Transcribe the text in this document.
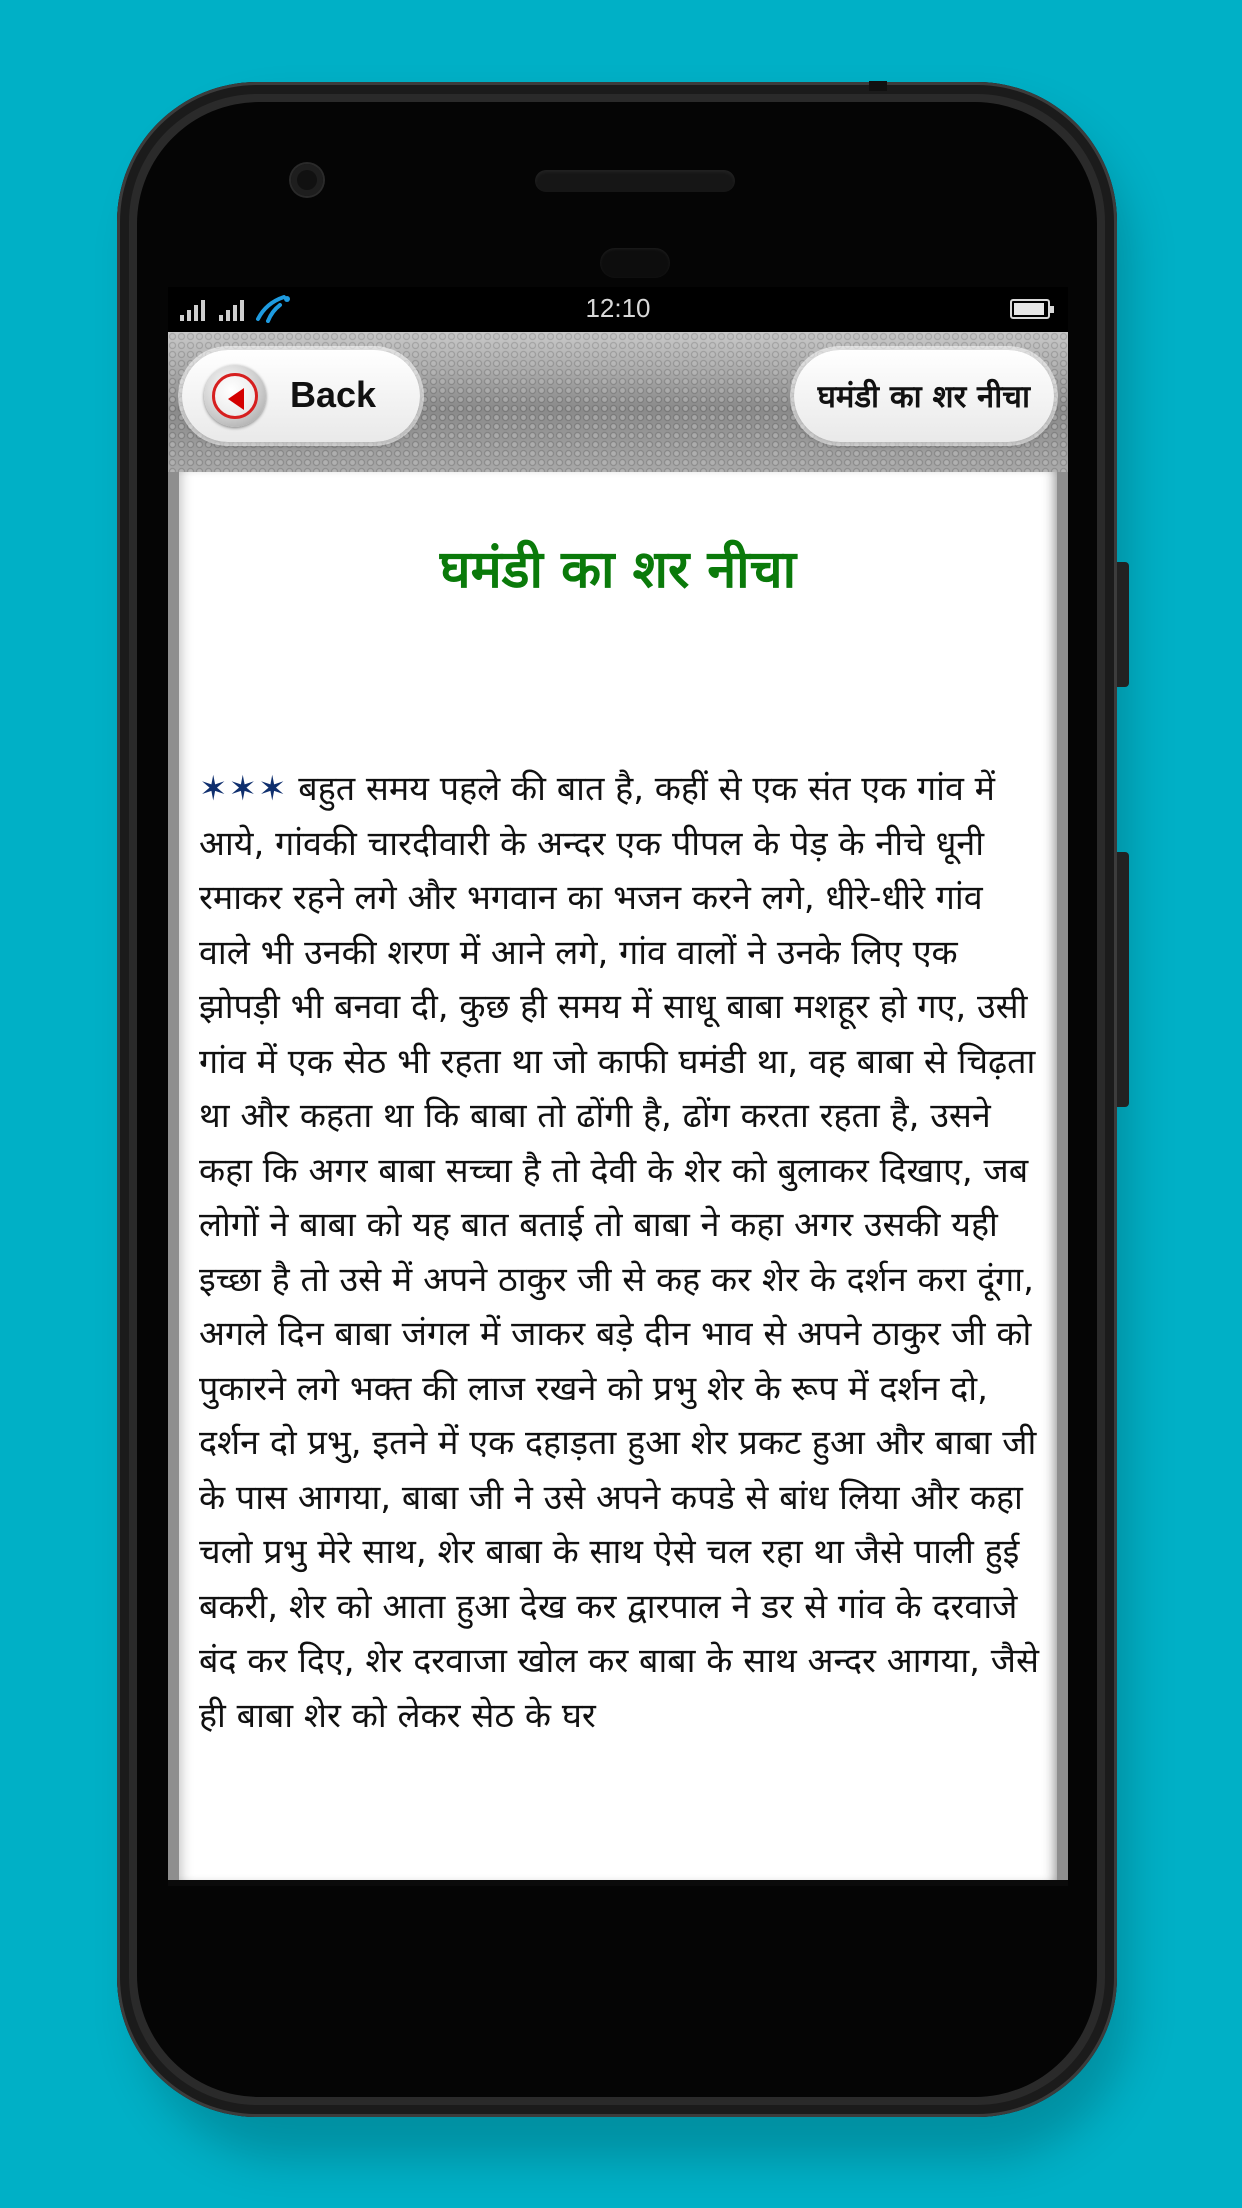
12:10
Back	घमंडी का शर नीचा
घमंडी का शर नीचा
✶✶✶ बहुत समय पहले की बात है, कहीं से एक संत एक गांव में आये, गांवकी चारदीवारी के अन्दर एक पीपल के पेड़ के नीचे धूनी रमाकर रहने लगे और भगवान का भजन करने लगे, धीरे-धीरे गांव वाले भी उनकी शरण में आने लगे, गांव वालों ने उनके लिए एक झोपड़ी भी बनवा दी, कुछ ही समय में साधू बाबा मशहूर हो गए, उसी गांव में एक सेठ भी रहता था जो काफी घमंडी था, वह बाबा से चिढ़ता था और कहता था कि बाबा तो ढोंगी है, ढोंग करता रहता है, उसने कहा कि अगर बाबा सच्चा है तो देवी के शेर को बुलाकर दिखाए, जब लोगों ने बाबा को यह बात बताई तो बाबा ने कहा अगर उसकी यही इच्छा है तो उसे में अपने ठाकुर जी से कह कर शेर के दर्शन करा दूंगा, अगले दिन बाबा जंगल में जाकर बड़े दीन भाव से अपने ठाकुर जी को पुकारने लगे भक्त की लाज रखने को प्रभु शेर के रूप में दर्शन दो, दर्शन दो प्रभु, इतने में एक दहाड़ता हुआ शेर प्रकट हुआ और बाबा जी के पास आगया, बाबा जी ने उसे अपने कपडे से बांध लिया और कहा चलो प्रभु मेरे साथ, शेर बाबा के साथ ऐसे चल रहा था जैसे पाली हुई बकरी, शेर को आता हुआ देख कर द्वारपाल ने डर से गांव के दरवाजे बंद कर दिए, शेर दरवाजा खोल कर बाबा के साथ अन्दर आगया, जैसे ही बाबा शेर को लेकर सेठ के घर
